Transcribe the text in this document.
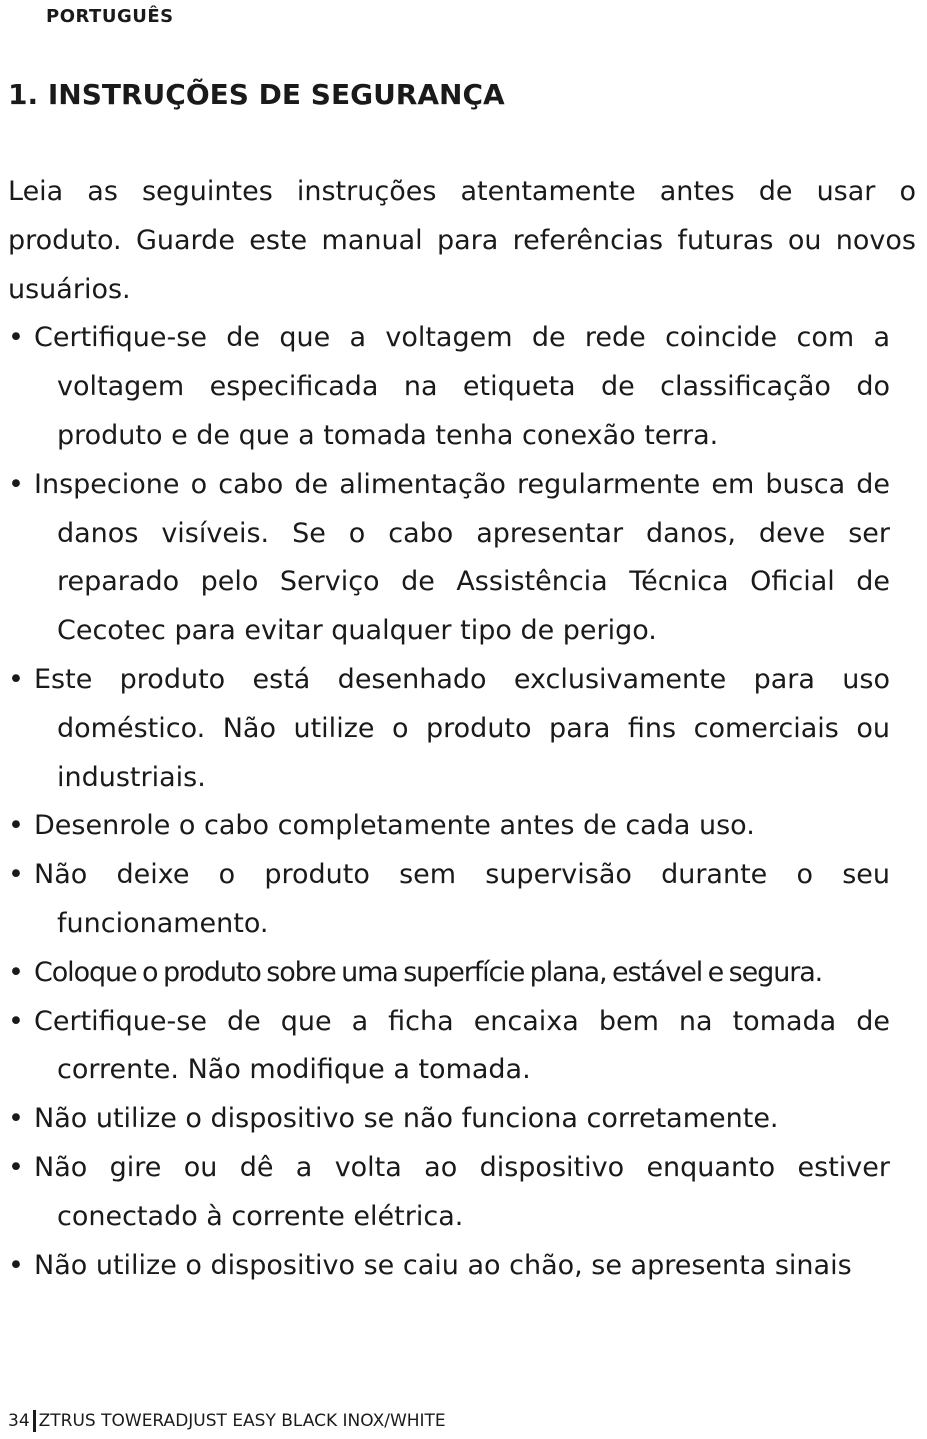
PORTUGUÊS
1. INSTRUÇÕES DE SEGURANÇA

Leia as seguintes instruções atentamente antes de usar o produto. Guarde este manual para referências futuras ou novos usuários.

• Certifique-se de que a voltagem de rede coincide com a voltagem especificada na etiqueta de classificação do produto e de que a tomada tenha conexão terra.
• Inspecione o cabo de alimentação regularmente em busca de danos visíveis. Se o cabo apresentar danos, deve ser reparado pelo Serviço de Assistência Técnica Oficial de Cecotec para evitar qualquer tipo de perigo.
• Este produto está desenhado exclusivamente para uso doméstico. Não utilize o produto para fins comerciais ou industriais.
• Desenrole o cabo completamente antes de cada uso.
• Não deixe o produto sem supervisão durante o seu funcionamento.
• Coloque o produto sobre uma superfície plana, estável e segura.
• Certifique-se de que a ficha encaixa bem na tomada de corrente. Não modifique a tomada.
• Não utilize o dispositivo se não funciona corretamente.
• Não gire ou dê a volta ao dispositivo enquanto estiver conectado à corrente elétrica.
• Não utilize o dispositivo se caiu ao chão, se apresenta sinais
34 ZTRUS TOWERADJUST EASY BLACK INOX/WHITE
